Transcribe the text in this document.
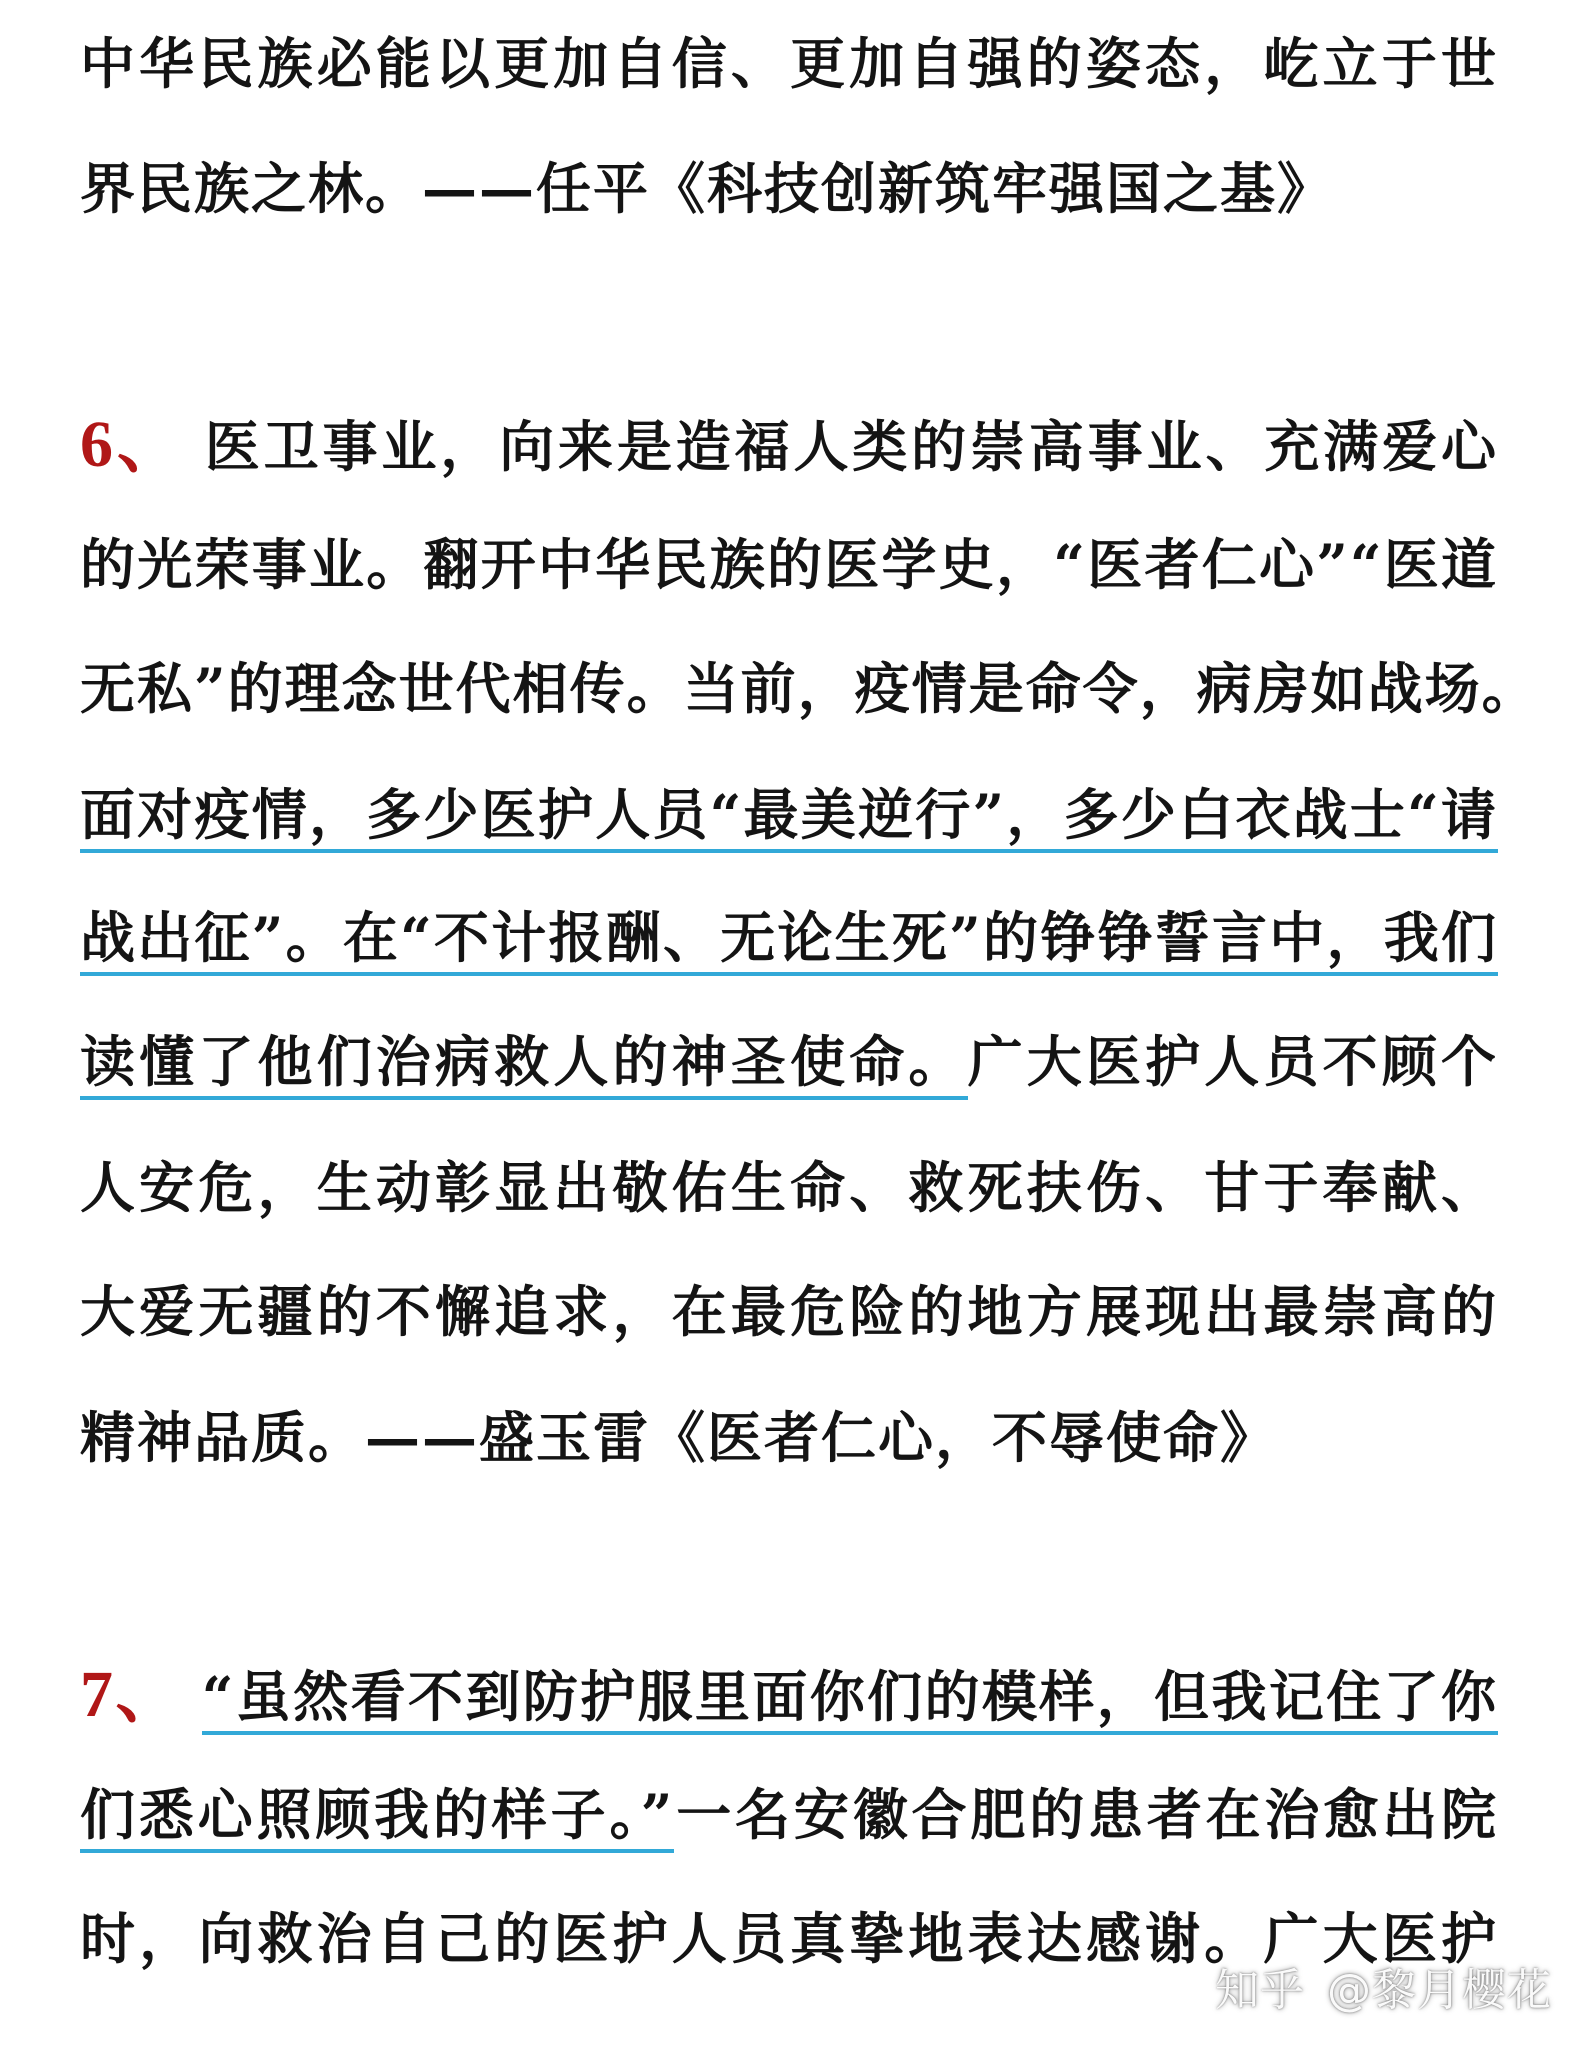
中华民族必能以更加自信、更加自强的姿态，屹立于世
界民族之林。——任平《科技创新筑牢强国之基》
6、 医卫事业，向来是造福人类的崇高事业、充满爱心
的光荣事业。翻开中华民族的医学史，“医者仁心”“医道
无私”的理念世代相传。当前，疫情是命令，病房如战场。
面对疫情，多少医护人员“最美逆行”，多少白衣战士“请
战出征”。在“不计报酬、无论生死”的铮铮誓言中，我们
读懂了他们治病救人的神圣使命。广大医护人员不顾个
人安危，生动彰显出敬佑生命、救死扶伤、甘于奉献、
大爱无疆的不懈追求，在最危险的地方展现出最崇高的
精神品质。——盛玉雷《医者仁心，不辱使命》
7、 “虽然看不到防护服里面你们的模样，但我记住了你
们悉心照顾我的样子。”一名安徽合肥的患者在治愈出院
时，向救治自己的医护人员真挚地表达感谢。广大医护
知乎 @黎月樱花
